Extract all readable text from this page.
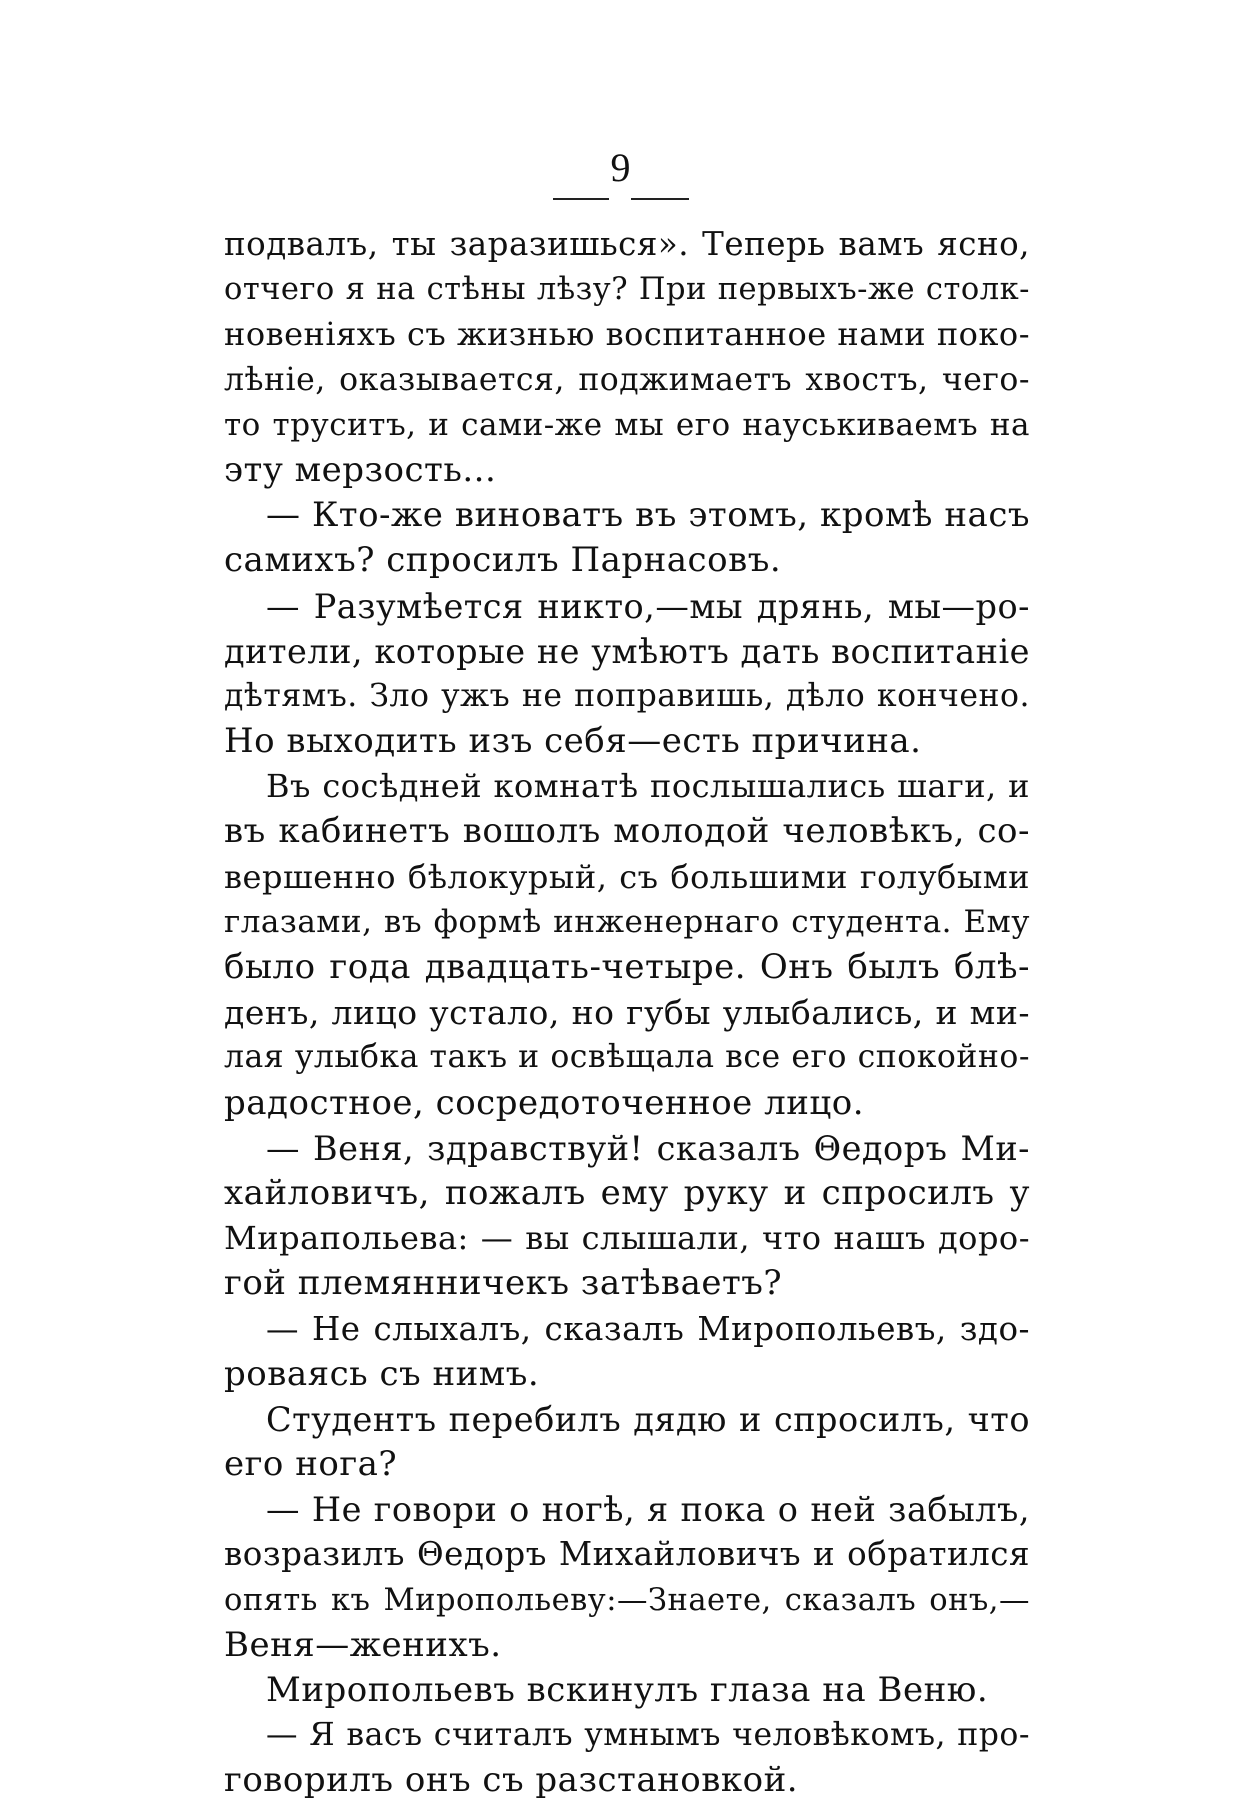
9
подвалъ, ты заразишься». Теперь вамъ ясно,
отчего я на стѣны лѣзу? При первыхъ-же столк-
новеніяхъ съ жизнью воспитанное нами поко-
лѣніе, оказывается, поджимаетъ хвостъ, чего-
то труситъ, и сами-же мы его науськиваемъ на
эту мерзость...
— Кто-же виноватъ въ этомъ, кромѣ насъ
самихъ? спросилъ Парнасовъ.
— Разумѣется никто,—мы дрянь, мы—ро-
дители, которые не умѣютъ дать воспитаніе
дѣтямъ. Зло ужъ не поправишь, дѣло кончено.
Но выходить изъ себя—есть причина.
Въ сосѣдней комнатѣ послышались шаги, и
въ кабинетъ вошолъ молодой человѣкъ, со-
вершенно бѣлокурый, съ большими голубыми
глазами, въ формѣ инженернаго студента. Ему
было года двадцать-четыре. Онъ былъ блѣ-
денъ, лицо устало, но губы улыбались, и ми-
лая улыбка такъ и освѣщала все его спокойно-
радостное, сосредоточенное лицо.
— Веня, здравствуй! сказалъ Θедоръ Ми-
хайловичъ, пожалъ ему руку и спросилъ у
Мирапольева: — вы слышали, что нашъ доро-
гой племянничекъ затѣваетъ?
— Не слыхалъ, сказалъ Миропольевъ, здо-
роваясь съ нимъ.
Студентъ перебилъ дядю и спросилъ, что
его нога?
— Не говори о ногѣ, я пока о ней забылъ,
возразилъ Θедоръ Михайловичъ и обратился
опять къ Миропольеву:—Знаете, сказалъ онъ,—
Веня—женихъ.
Миропольевъ вскинулъ глаза на Веню.
— Я васъ считалъ умнымъ человѣкомъ, про-
говорилъ онъ съ разстановкой.
